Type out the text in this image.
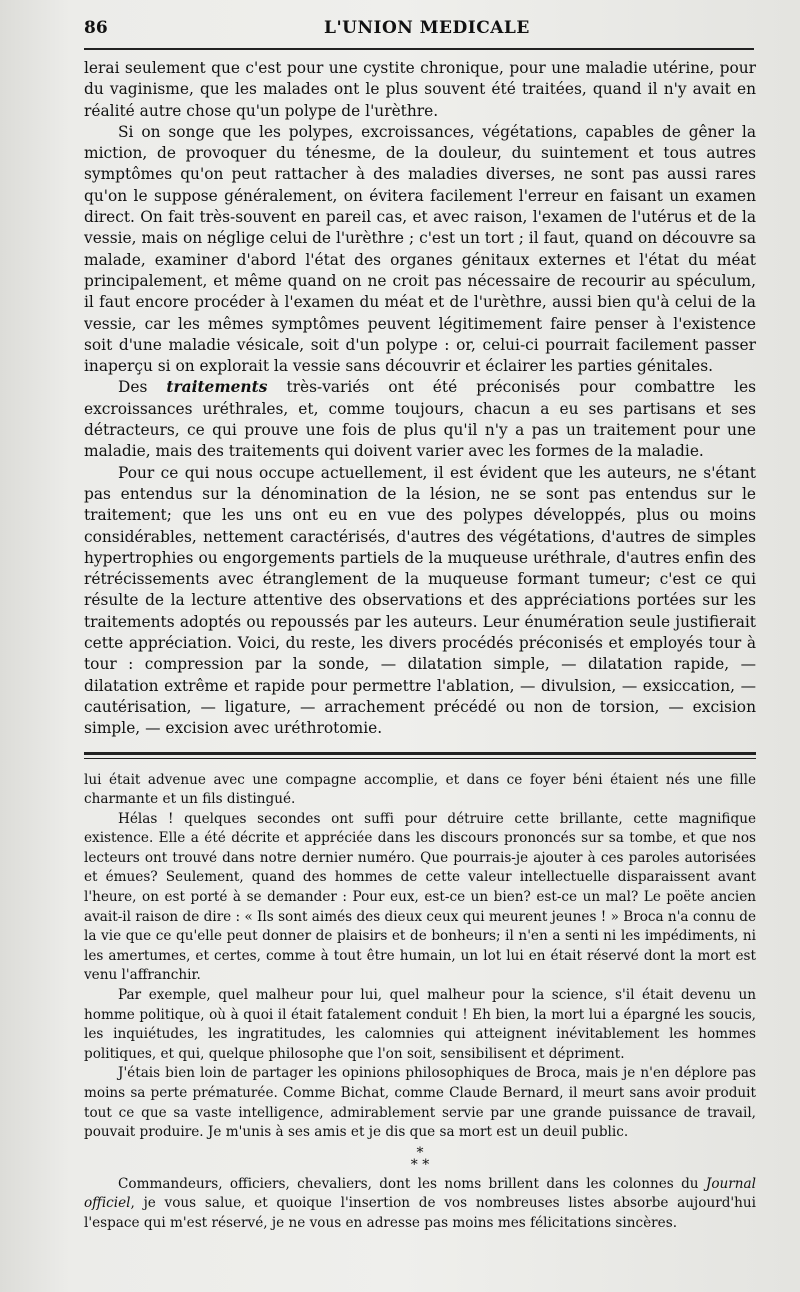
86	L'UNION MEDICALE

lerai seulement que c'est pour une cystite chronique, pour une maladie utérine, pour du vaginisme, que les malades ont le plus souvent été traitées, quand il n'y avait en réalité autre chose qu'un polype de l'urèthre.

Si on songe que les polypes, excroissances, végétations, capables de gêner la miction, de provoquer du ténesme, de la douleur, du suintement et tous autres symptômes qu'on peut rattacher à des maladies diverses, ne sont pas aussi rares qu'on le suppose généralement, on évitera facilement l'erreur en faisant un examen direct. On fait très-souvent en pareil cas, et avec raison, l'examen de l'utérus et de la vessie, mais on néglige celui de l'urèthre ; c'est un tort ; il faut, quand on découvre sa malade, examiner d'abord l'état des organes génitaux externes et l'état du méat principalement, et même quand on ne croit pas nécessaire de recourir au spéculum, il faut encore procéder à l'examen du méat et de l'urèthre, aussi bien qu'à celui de la vessie, car les mêmes symptômes peuvent légitimement faire penser à l'existence soit d'une maladie vésicale, soit d'un polype : or, celui-ci pourrait facilement passer inaperçu si on explorait la vessie sans découvrir et éclairer les parties génitales.

Des traitements très-variés ont été préconisés pour combattre les excroissances uréthrales, et, comme toujours, chacun a eu ses partisans et ses détracteurs, ce qui prouve une fois de plus qu'il n'y a pas un traitement pour une maladie, mais des traitements qui doivent varier avec les formes de la maladie.

Pour ce qui nous occupe actuellement, il est évident que les auteurs, ne s'étant pas entendus sur la dénomination de la lésion, ne se sont pas entendus sur le traitement; que les uns ont eu en vue des polypes développés, plus ou moins considérables, nettement caractérisés, d'autres des végétations, d'autres de simples hypertrophies ou engorgements partiels de la muqueuse uréthrale, d'autres enfin des rétrécissements avec étranglement de la muqueuse formant tumeur; c'est ce qui résulte de la lecture attentive des observations et des appréciations portées sur les traitements adoptés ou repoussés par les auteurs. Leur énumération seule justifierait cette appréciation. Voici, du reste, les divers procédés préconisés et employés tour à tour : compression par la sonde, — dilatation simple, — dilatation rapide, — dilatation extrême et rapide pour permettre l'ablation, — divulsion, — exsiccation, — cautérisation, — ligature, — arrachement précédé ou non de torsion, — excision simple, — excision avec uréthrotomie.

lui était advenue avec une compagne accomplie, et dans ce foyer béni étaient nés une fille charmante et un fils distingué.

Hélas ! quelques secondes ont suffi pour détruire cette brillante, cette magnifique existence. Elle a été décrite et appréciée dans les discours prononcés sur sa tombe, et que nos lecteurs ont trouvé dans notre dernier numéro. Que pourrais-je ajouter à ces paroles autorisées et émues? Seulement, quand des hommes de cette valeur intellectuelle disparaissent avant l'heure, on est porté à se demander : Pour eux, est-ce un bien? est-ce un mal? Le poëte ancien avait-il raison de dire : « Ils sont aimés des dieux ceux qui meurent jeunes ! » Broca n'a connu de la vie que ce qu'elle peut donner de plaisirs et de bonheurs; il n'en a senti ni les impédiments, ni les amertumes, et certes, comme à tout être humain, un lot lui en était réservé dont la mort est venu l'affranchir.

Par exemple, quel malheur pour lui, quel malheur pour la science, s'il était devenu un homme politique, où à quoi il était fatalement conduit ! Eh bien, la mort lui a épargné les soucis, les inquiétudes, les ingratitudes, les calomnies qui atteignent inévitablement les hommes politiques, et qui, quelque philosophe que l'on soit, sensibilisent et dépriment.

J'étais bien loin de partager les opinions philosophiques de Broca, mais je n'en déplore pas moins sa perte prématurée. Comme Bichat, comme Claude Bernard, il meurt sans avoir produit tout ce que sa vaste intelligence, admirablement servie par une grande puissance de travail, pouvait produire. Je m'unis à ses amis et je dis que sa mort est un deuil public.

*
* *

Commandeurs, officiers, chevaliers, dont les noms brillent dans les colonnes du Journal officiel, je vous salue, et quoique l'insertion de vos nombreuses listes absorbe aujourd'hui l'espace qui m'est réservé, je ne vous en adresse pas moins mes félicitations sincères.
